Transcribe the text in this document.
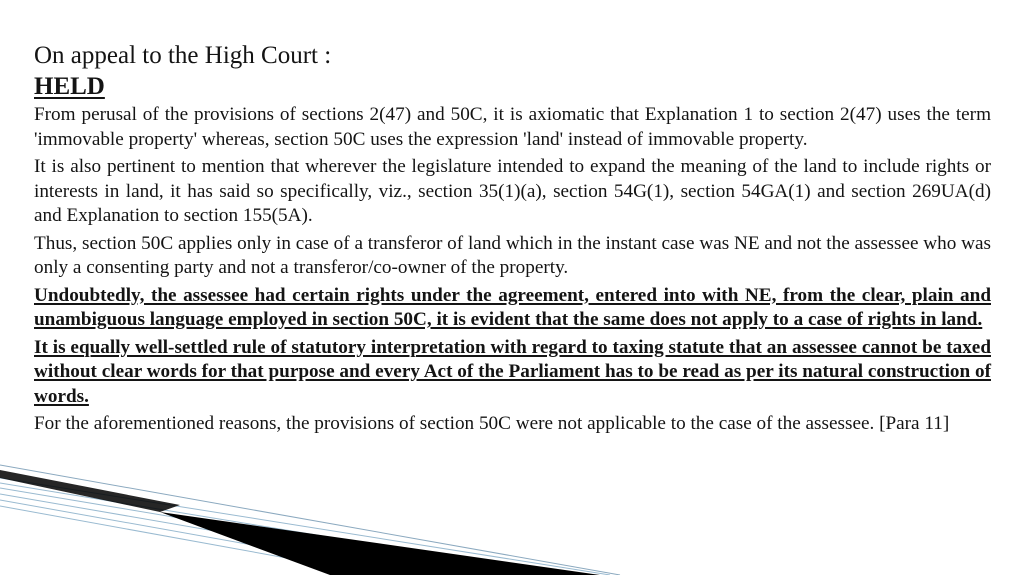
On appeal to the High Court :

HELD

From perusal of the provisions of sections 2(47) and 50C, it is axiomatic that Explanation 1 to section 2(47) uses the term 'immovable property' whereas, section 50C uses the expression 'land' instead of immovable property.

It is also pertinent to mention that wherever the legislature intended to expand the meaning of the land to include rights or interests in land, it has said so specifically, viz., section 35(1)(a), section 54G(1), section 54GA(1) and section 269UA(d) and Explanation to section 155(5A).

Thus, section 50C applies only in case of a transferor of land which in the instant case was NE and not the assessee who was only a consenting party and not a transferor/co-owner of the property.

Undoubtedly, the assessee had certain rights under the agreement, entered into with NE, from the clear, plain and unambiguous language employed in section 50C, it is evident that the same does not apply to a case of rights in land.

It is equally well-settled rule of statutory interpretation with regard to taxing statute that an assessee cannot be taxed without clear words for that purpose and every Act of the Parliament has to be read as per its natural construction of words.

For the aforementioned reasons, the provisions of section 50C were not applicable to the case of the assessee. [Para 11]
